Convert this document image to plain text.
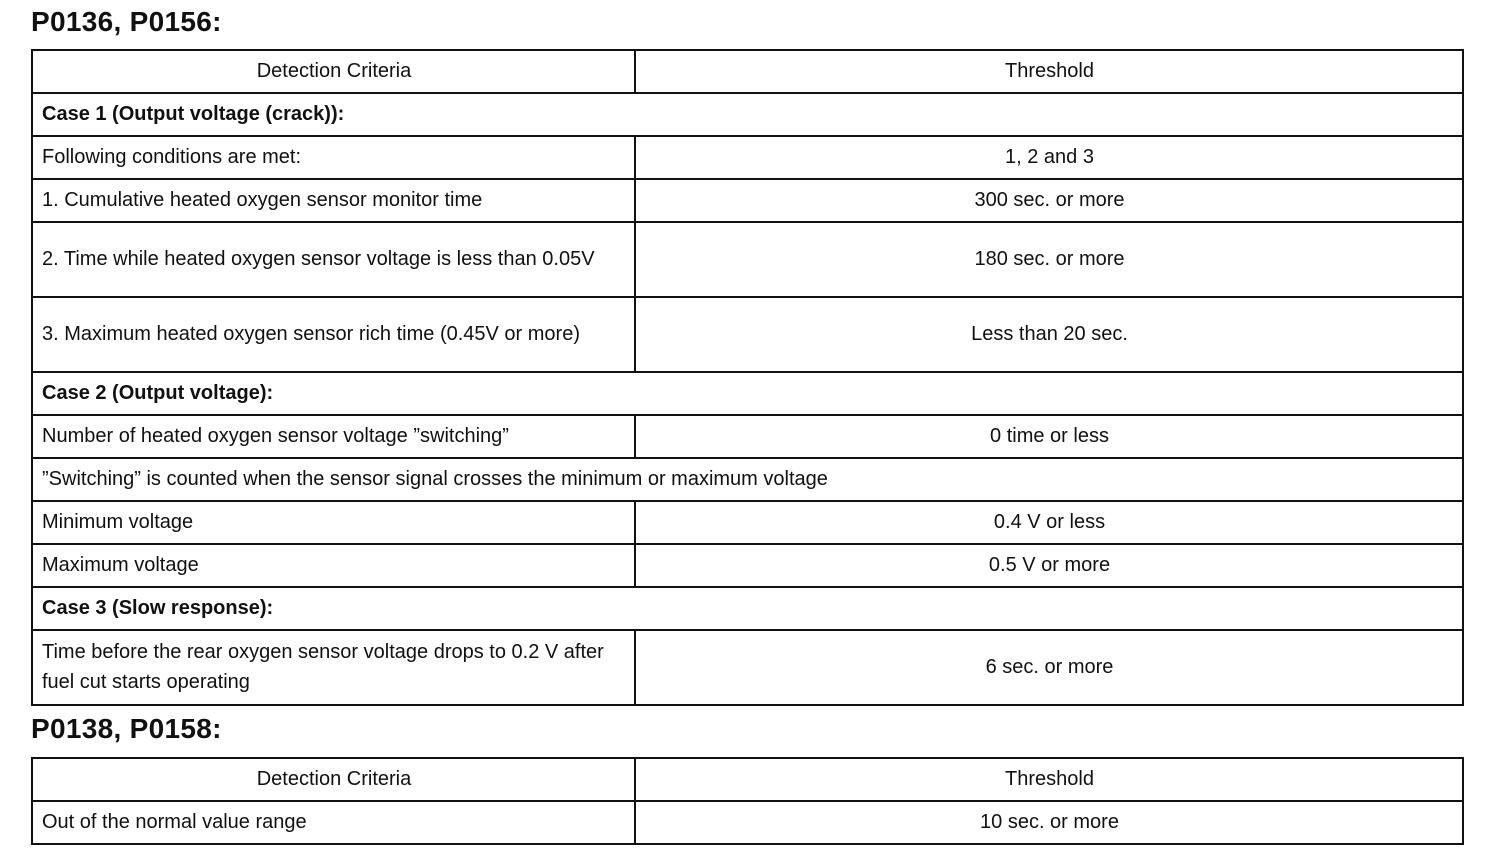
P0136, P0156:
Detection Criteria	Threshold
Case 1 (Output voltage (crack)):	
Following conditions are met:	1, 2 and 3
1. Cumulative heated oxygen sensor monitor time	300 sec. or more
2. Time while heated oxygen sensor voltage is less than 0.05V	180 sec. or more
3. Maximum heated oxygen sensor rich time (0.45V or more)	Less than 20 sec.
Case 2 (Output voltage):	
Number of heated oxygen sensor voltage ”switching”	0 time or less
”Switching” is counted when the sensor signal crosses the minimum or maximum voltage	
Minimum voltage	0.4 V or less
Maximum voltage	0.5 V or more
Case 3 (Slow response):	
Time before the rear oxygen sensor voltage drops to 0.2 V after fuel cut starts operating	6 sec. or more
P0138, P0158:
Detection Criteria	Threshold
Out of the normal value range	10 sec. or more
